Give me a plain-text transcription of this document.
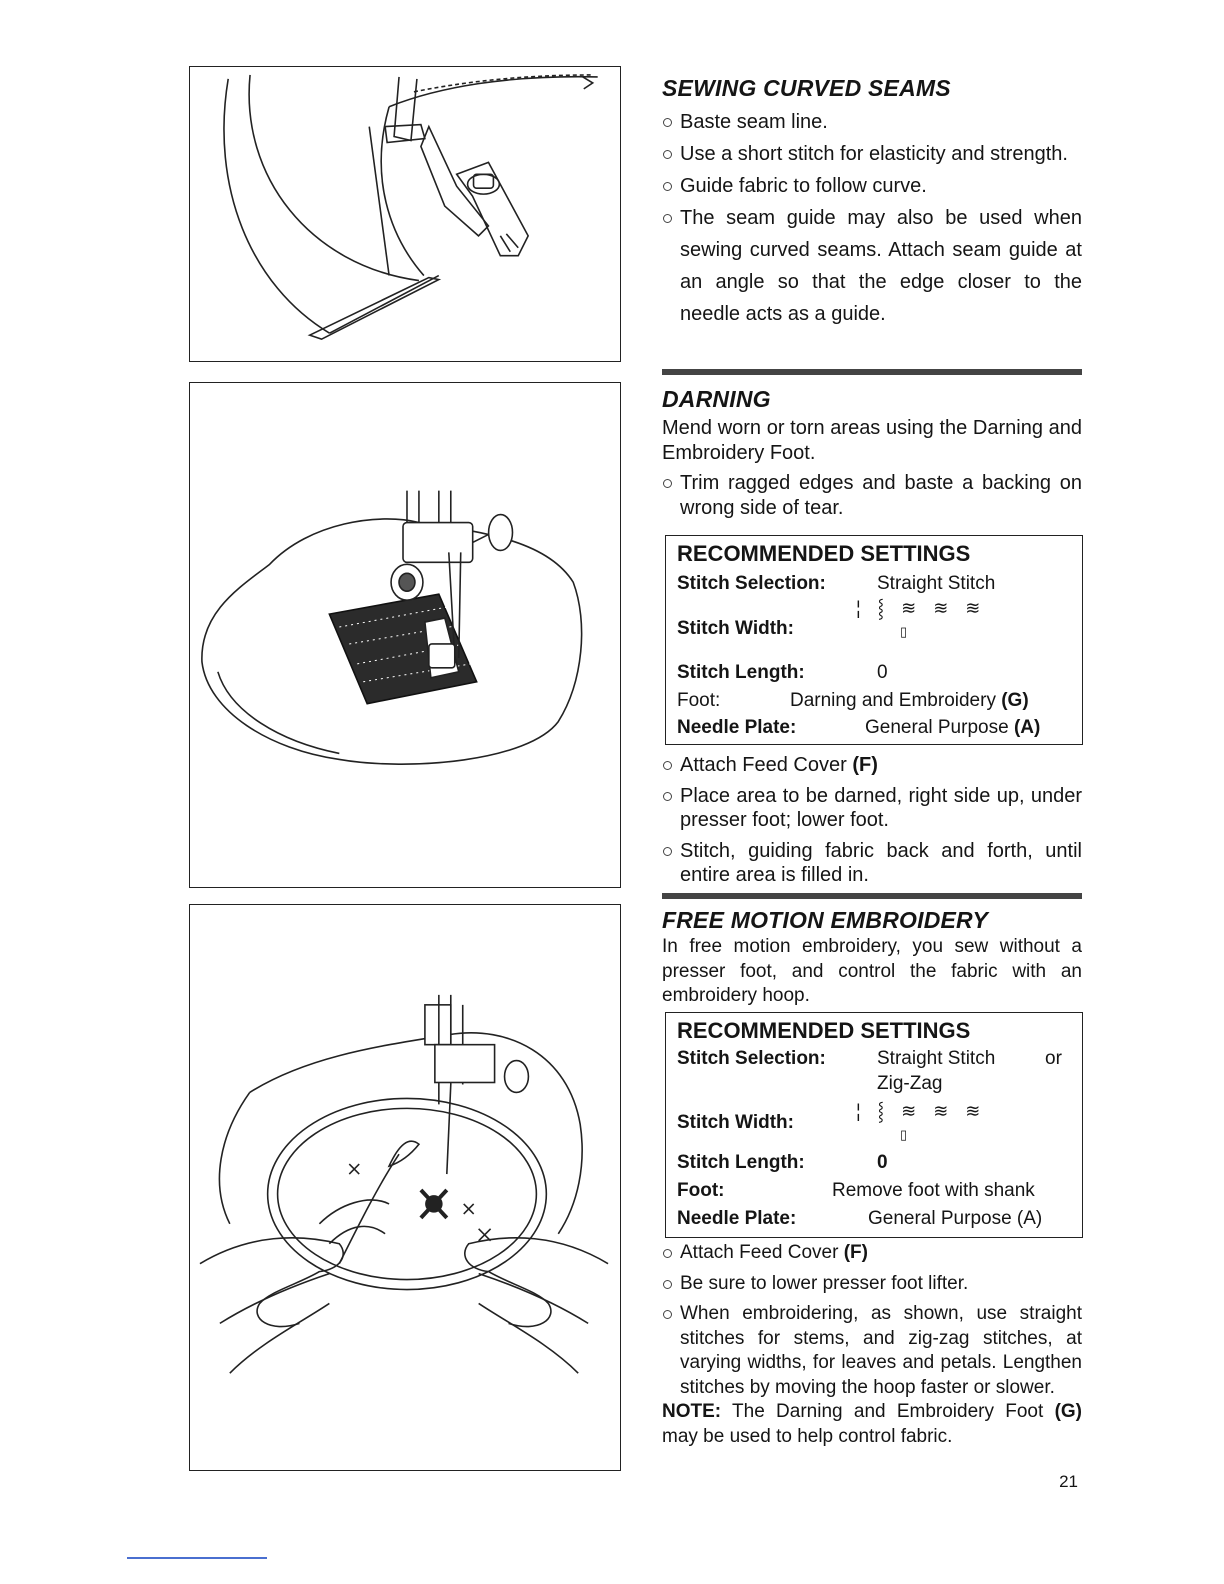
SEWING CURVED SEAMS

Baste seam line.
Use a short stitch for elasticity and strength.
Guide fabric to follow curve.
The seam guide may also be used when sewing curved seams. Attach seam guide at an angle so that the edge closer to the needle acts as a guide.

DARNING

Mend worn or torn areas using the Darning and Embroidery Foot.

Trim ragged edges and baste a backing on wrong side of tear.

RECOMMENDED SETTINGS

Stitch Selection:	Straight Stitch
Stitch Width:
¦ ⸾ ≋ ≋ ≋
▯
Stitch Length:	0
Foot:	Darning and Embroidery (G)
Needle Plate:	General Purpose (A)
Attach Feed Cover (F)
Place area to be darned, right side up, under presser foot; lower foot.
Stitch, guiding fabric back and forth, until entire area is filled in.

FREE MOTION EMBROIDERY

In free motion embroidery, you sew without a presser foot, and control the fabric with an embroidery hoop.

RECOMMENDED SETTINGS

Stitch Selection:	Straight Stitch	or
Zig-Zag
Stitch Width:
¦ ⸾ ≋ ≋ ≋
▯
Stitch Length:	0
Foot:	Remove foot with shank
Needle Plate:	General Purpose (A)
Attach Feed Cover (F)
Be sure to lower presser foot lifter.
When embroidering, as shown, use straight stitches for stems, and zig-zag stitches, at varying widths, for leaves and petals. Lengthen stitches by moving the hoop faster or slower.
NOTE: The Darning and Embroidery Foot (G) may be used to help control fabric.
21
